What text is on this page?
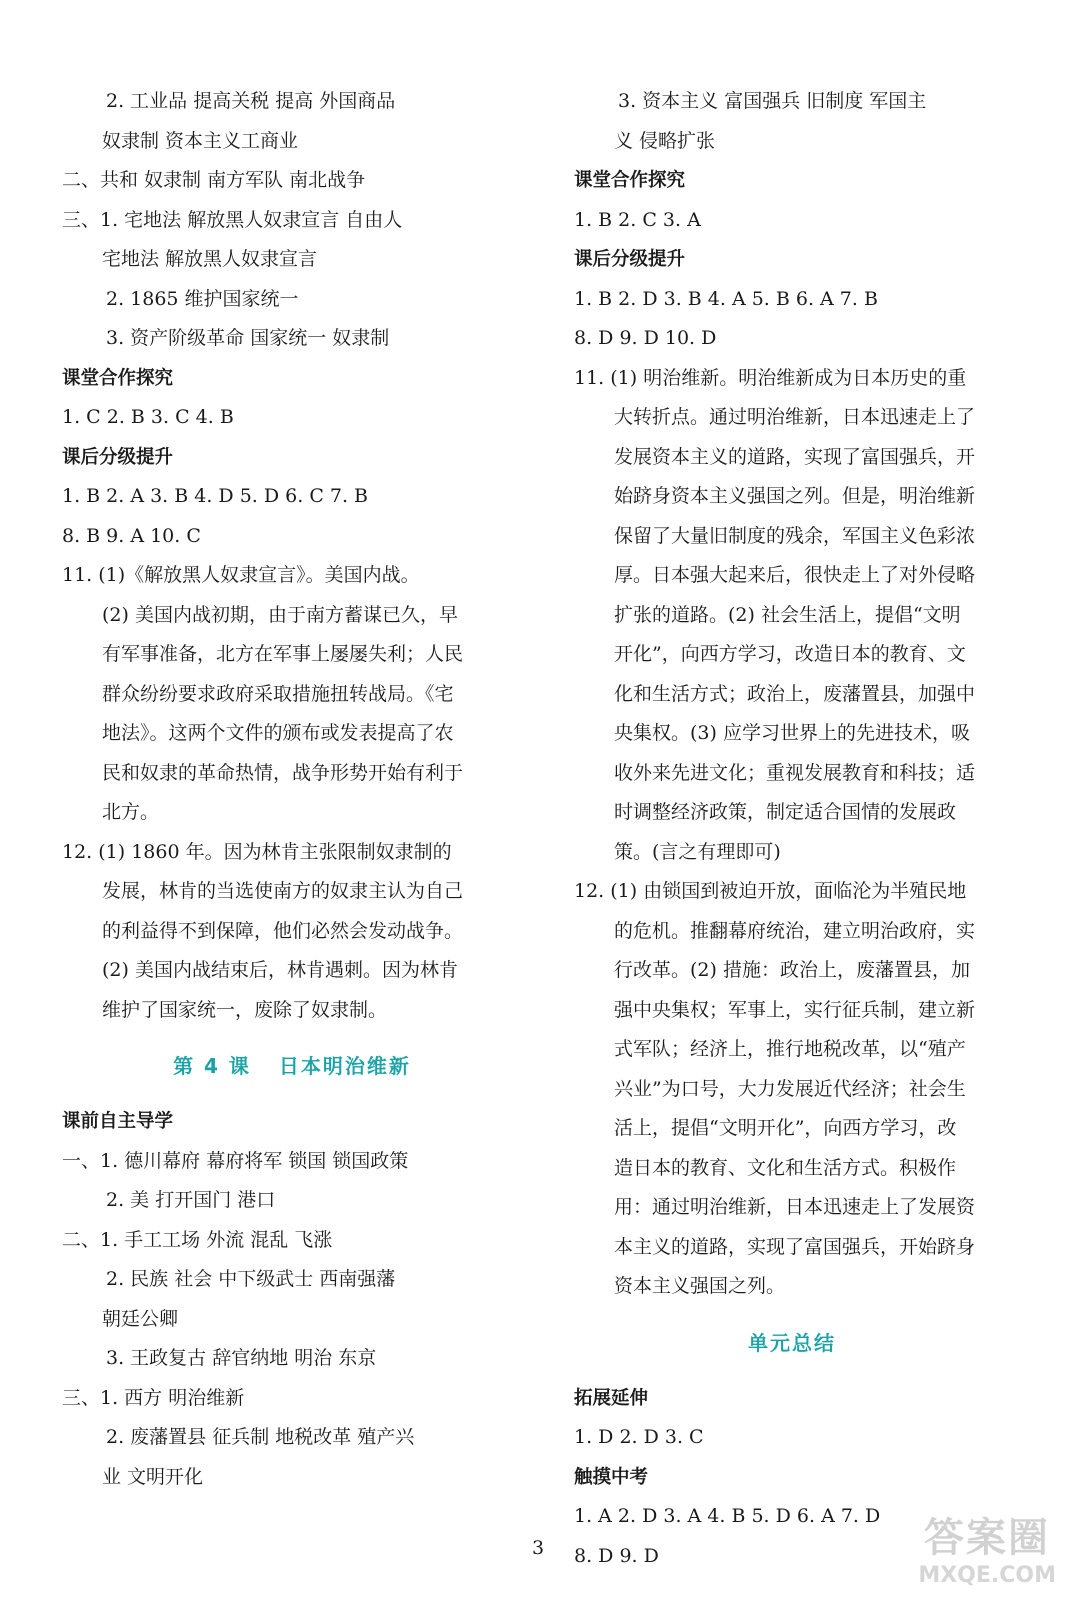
2. 工业品 提高关税 提高 外国商品
奴隶制 资本主义工商业
二、共和 奴隶制 南方军队 南北战争
三、1. 宅地法 解放黑人奴隶宣言 自由人
宅地法 解放黑人奴隶宣言
2. 1865 维护国家统一
3. 资产阶级革命 国家统一 奴隶制
课堂合作探究
1. C 2. B 3. C 4. B
课后分级提升
1. B 2. A 3. B 4. D 5. D 6. C 7. B
8. B 9. A 10. C
11. (1)《解放黑人奴隶宣言》。美国内战。
(2) 美国内战初期，由于南方蓄谋已久，早
有军事准备，北方在军事上屡屡失利；人民
群众纷纷要求政府采取措施扭转战局。《宅
地法》。这两个文件的颁布或发表提高了农
民和奴隶的革命热情，战争形势开始有利于
北方。
12. (1) 1860 年。因为林肯主张限制奴隶制的
发展，林肯的当选使南方的奴隶主认为自己
的利益得不到保障，他们必然会发动战争。
(2) 美国内战结束后，林肯遇刺。因为林肯
维护了国家统一，废除了奴隶制。
第 4 课 日本明治维新
课前自主导学
一、1. 德川幕府 幕府将军 锁国 锁国政策
2. 美 打开国门 港口
二、1. 手工工场 外流 混乱 飞涨
2. 民族 社会 中下级武士 西南强藩
朝廷公卿
3. 王政复古 辞官纳地 明治 东京
三、1. 西方 明治维新
2. 废藩置县 征兵制 地税改革 殖产兴
业 文明开化
3. 资本主义 富国强兵 旧制度 军国主
义 侵略扩张
课堂合作探究
1. B 2. C 3. A
课后分级提升
1. B 2. D 3. B 4. A 5. B 6. A 7. B
8. D 9. D 10. D
11. (1) 明治维新。明治维新成为日本历史的重
大转折点。通过明治维新，日本迅速走上了
发展资本主义的道路，实现了富国强兵，开
始跻身资本主义强国之列。但是，明治维新
保留了大量旧制度的残余，军国主义色彩浓
厚。日本强大起来后，很快走上了对外侵略
扩张的道路。(2) 社会生活上，提倡“文明
开化”，向西方学习，改造日本的教育、文
化和生活方式；政治上，废藩置县，加强中
央集权。(3) 应学习世界上的先进技术，吸
收外来先进文化；重视发展教育和科技；适
时调整经济政策，制定适合国情的发展政
策。(言之有理即可)
12. (1) 由锁国到被迫开放，面临沦为半殖民地
的危机。推翻幕府统治，建立明治政府，实
行改革。(2) 措施：政治上，废藩置县，加
强中央集权；军事上，实行征兵制，建立新
式军队；经济上，推行地税改革，以“殖产
兴业”为口号，大力发展近代经济；社会生
活上，提倡“文明开化”，向西方学习，改
造日本的教育、文化和生活方式。积极作
用：通过明治维新，日本迅速走上了发展资
本主义的道路，实现了富国强兵，开始跻身
资本主义强国之列。
单元总结
拓展延伸
1. D 2. D 3. C
触摸中考
1. A 2. D 3. A 4. B 5. D 6. A 7. D
8. D 9. D
3	答案圈
MXQE.COM
